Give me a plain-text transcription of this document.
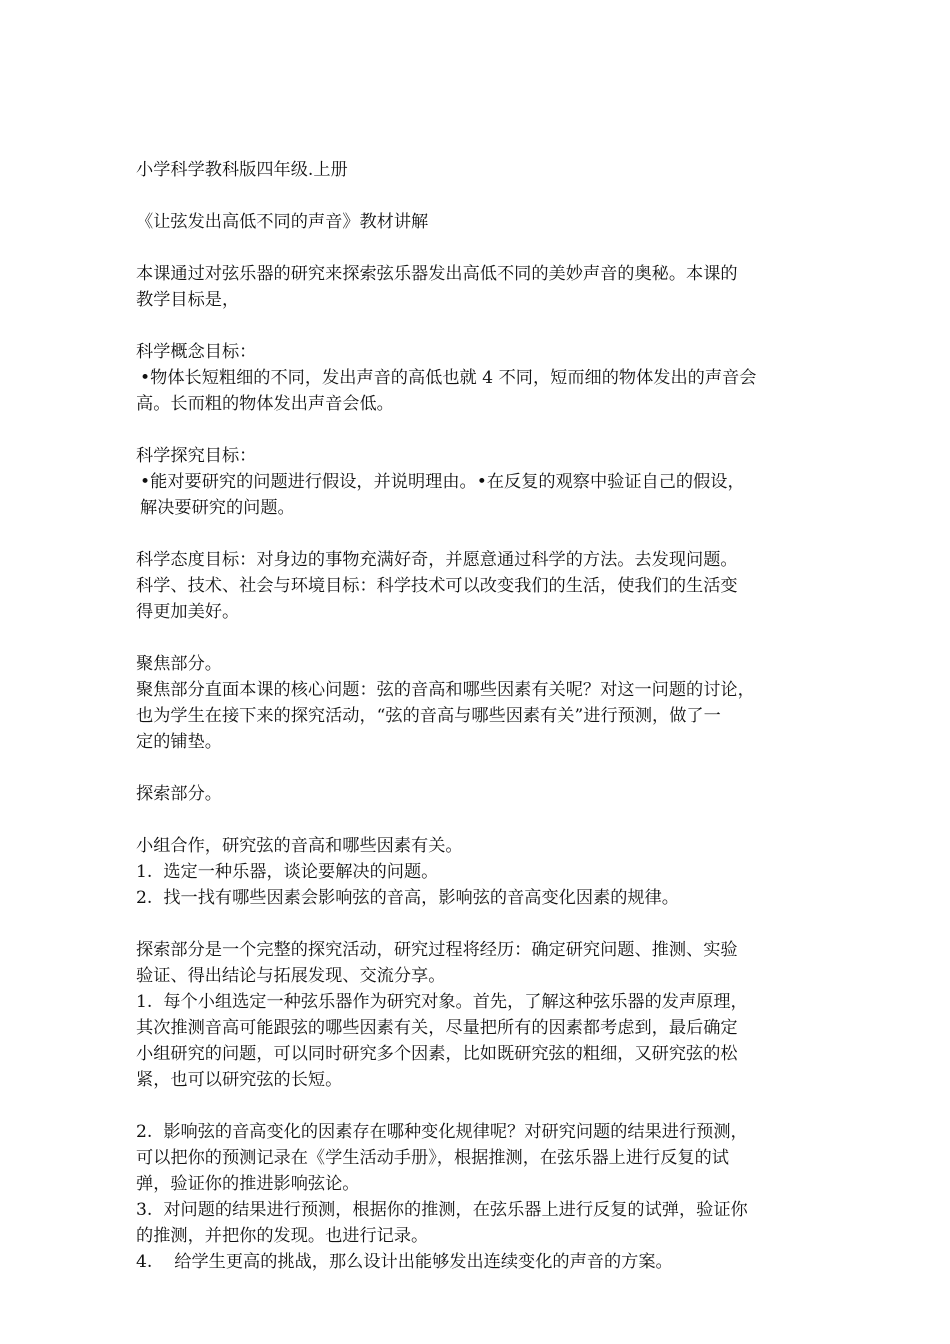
小学科学教科版四年级.上册

《让弦发出高低不同的声音》教材讲解

本课通过对弦乐器的研究来探索弦乐器发出高低不同的美妙声音的奥秘。本课的

教学目标是，

科学概念目标：

•物体长短粗细的不同，发出声音的高低也就 4 不同，短而细的物体发出的声音会

高。长而粗的物体发出声音会低。

科学探究目标：

•能对要研究的问题进行假设，并说明理由。•在反复的观察中验证自己的假设，

解决要研究的问题。

科学态度目标：对身边的事物充满好奇，并愿意通过科学的方法。去发现问题。

科学、技术、社会与环境目标：科学技术可以改变我们的生活，使我们的生活变

得更加美好。

聚焦部分。

聚焦部分直面本课的核心问题：弦的音高和哪些因素有关呢？对这一问题的讨论，

也为学生在接下来的探究活动，“弦的音高与哪些因素有关”进行预测，做了一

定的铺垫。

探索部分。

小组合作，研究弦的音高和哪些因素有关。

1.  选定一种乐器，谈论要解决的问题。

2.  找一找有哪些因素会影响弦的音高，影响弦的音高变化因素的规律。

探索部分是一个完整的探究活动，研究过程将经历：确定研究问题、推测、实验

验证、得出结论与拓展发现、交流分享。

1.  每个小组选定一种弦乐器作为研究对象。首先，了解这种弦乐器的发声原理，

其次推测音高可能跟弦的哪些因素有关，尽量把所有的因素都考虑到，最后确定

小组研究的问题，可以同时研究多个因素，比如既研究弦的粗细，又研究弦的松

紧，也可以研究弦的长短。

2.  影响弦的音高变化的因素存在哪种变化规律呢？对研究问题的结果进行预测，

可以把你的预测记录在《学生活动手册》，根据推测，在弦乐器上进行反复的试

弹，验证你的推进影响弦论。

3.  对问题的结果进行预测，根据你的推测，在弦乐器上进行反复的试弹，验证你

的推测，并把你的发现。也进行记录。

4.    给学生更高的挑战，那么设计出能够发出连续变化的声音的方案。
